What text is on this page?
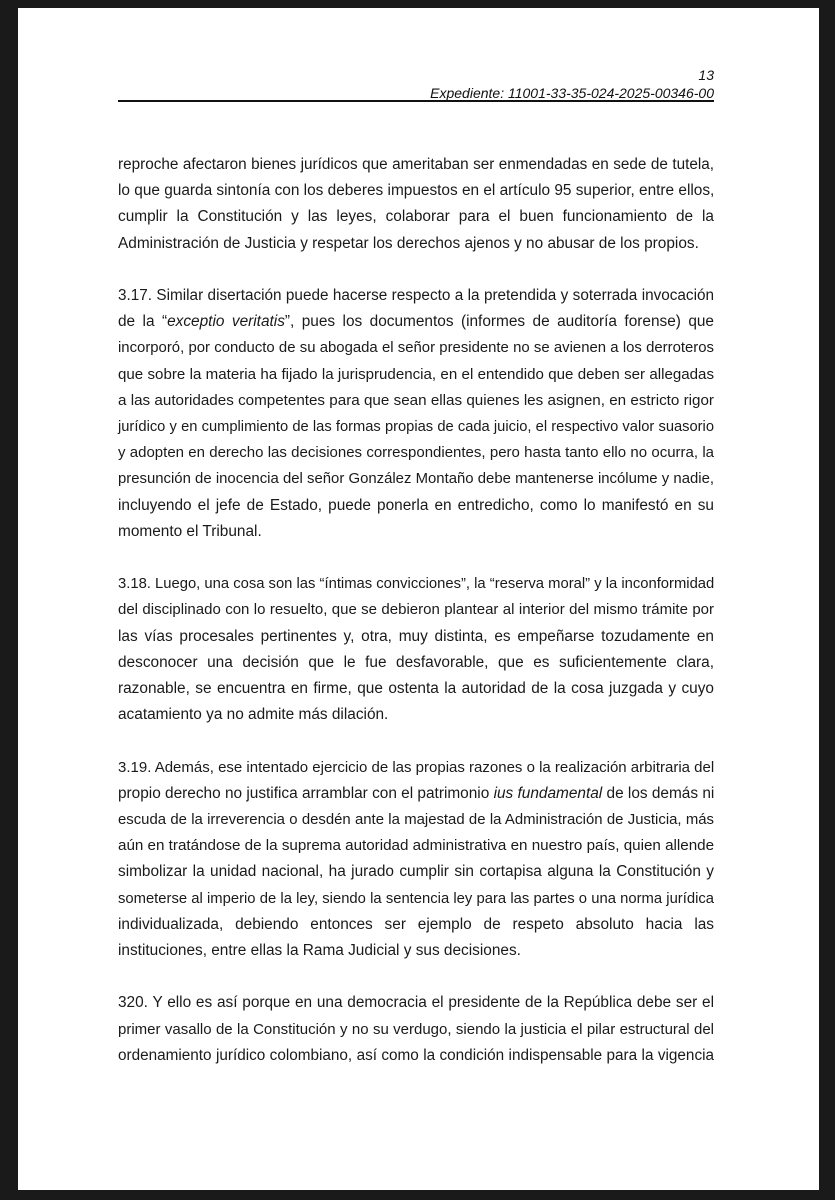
13
Expediente: 11001-33-35-024-2025-00346-00

reproche afectaron bienes jurídicos que ameritaban ser enmendadas en sede de tutela,
lo que guarda sintonía con los deberes impuestos en el artículo 95 superior, entre ellos,
cumplir la Constitución y las leyes, colaborar para el buen funcionamiento de la
Administración de Justicia y respetar los derechos ajenos y no abusar de los propios.

3.17. Similar disertación puede hacerse respecto a la pretendida y soterrada invocación
de la “exceptio veritatis”, pues los documentos (informes de auditoría forense) que
incorporó, por conducto de su abogada el señor presidente no se avienen a los derroteros
que sobre la materia ha fijado la jurisprudencia, en el entendido que deben ser allegadas
a las autoridades competentes para que sean ellas quienes les asignen, en estricto rigor
jurídico y en cumplimiento de las formas propias de cada juicio, el respectivo valor suasorio
y adopten en derecho las decisiones correspondientes, pero hasta tanto ello no ocurra, la
presunción de inocencia del señor González Montaño debe mantenerse incólume y nadie,
incluyendo el jefe de Estado, puede ponerla en entredicho, como lo manifestó en su
momento el Tribunal.

3.18. Luego, una cosa son las “íntimas convicciones”, la “reserva moral” y la inconformidad
del disciplinado con lo resuelto, que se debieron plantear al interior del mismo trámite por
las vías procesales pertinentes y, otra, muy distinta, es empeñarse tozudamente en
desconocer una decisión que le fue desfavorable, que es suficientemente clara,
razonable, se encuentra en firme, que ostenta la autoridad de la cosa juzgada y cuyo
acatamiento ya no admite más dilación.

3.19. Además, ese intentado ejercicio de las propias razones o la realización arbitraria del
propio derecho no justifica arramblar con el patrimonio ius fundamental de los demás ni
escuda de la irreverencia o desdén ante la majestad de la Administración de Justicia, más
aún en tratándose de la suprema autoridad administrativa en nuestro país, quien allende
simbolizar la unidad nacional, ha jurado cumplir sin cortapisa alguna la Constitución y
someterse al imperio de la ley, siendo la sentencia ley para las partes o una norma jurídica
individualizada, debiendo entonces ser ejemplo de respeto absoluto hacia las
instituciones, entre ellas la Rama Judicial y sus decisiones.

320. Y ello es así porque en una democracia el presidente de la República debe ser el
primer vasallo de la Constitución y no su verdugo, siendo la justicia el pilar estructural del
ordenamiento jurídico colombiano, así como la condición indispensable para la vigencia
